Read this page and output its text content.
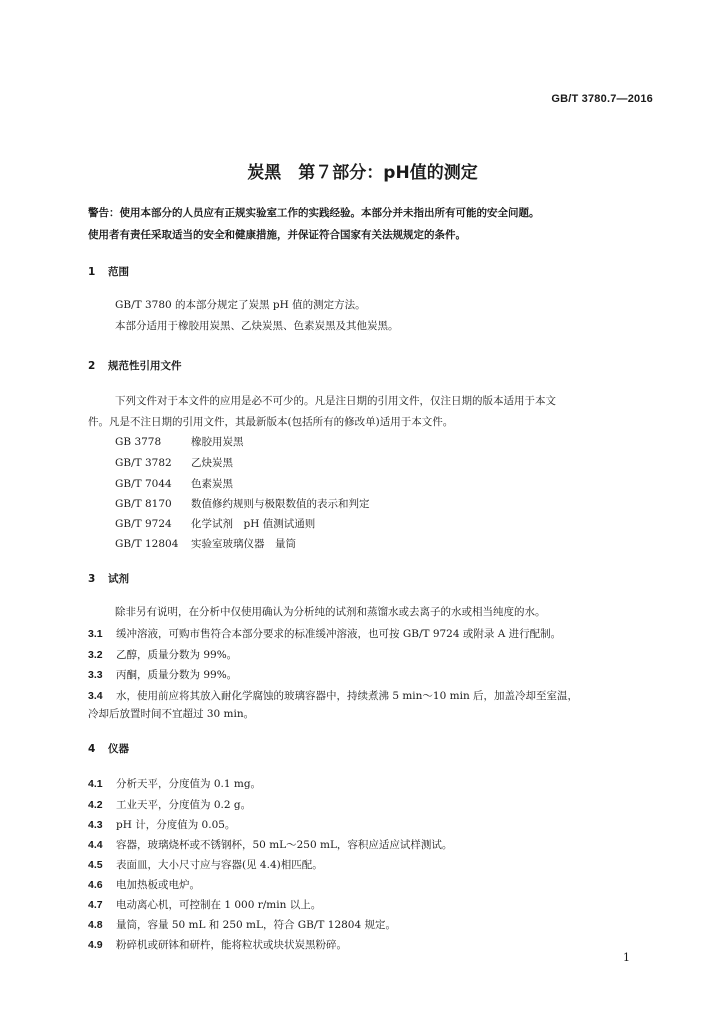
GB/T 3780.7—2016
炭黑　第７部分：pH值的测定
警告：使用本部分的人员应有正规实验室工作的实践经验。本部分并未指出所有可能的安全问题。
使用者有责任采取适当的安全和健康措施，并保证符合国家有关法规规定的条件。
1 范围
GB/T 3780 的本部分规定了炭黑 pH 值的测定方法。
本部分适用于橡胶用炭黑、乙炔炭黑、色素炭黑及其他炭黑。
2 规范性引用文件
下列文件对于本文件的应用是必不可少的。凡是注日期的引用文件，仅注日期的版本适用于本文
件。凡是不注日期的引用文件，其最新版本(包括所有的修改单)适用于本文件。
GB 3778	橡胶用炭黑
GB/T 3782 乙炔炭黑
GB/T 7044 色素炭黑
GB/T 8170 数值修约规则与极限数值的表示和判定
GB/T 9724 化学试剂　pH 值测试通则
GB/T 12804 实验室玻璃仪器　量筒
3 试剂
除非另有说明，在分析中仅使用确认为分析纯的试剂和蒸馏水或去离子的水或相当纯度的水。
3.1 缓冲溶液，可购市售符合本部分要求的标准缓冲溶液，也可按 GB/T 9724 或附录 A 进行配制。
3.2 乙醇，质量分数为 99%。
3.3 丙酮，质量分数为 99%。
3.4 水，使用前应将其放入耐化学腐蚀的玻璃容器中，持续煮沸 5 min～10 min 后，加盖冷却至室温，
冷却后放置时间不宜超过 30 min。
4 仪器
4.1 分析天平，分度值为 0.1 mg。
4.2 工业天平，分度值为 0.2 g。
4.3 pH 计，分度值为 0.05。
4.4 容器，玻璃烧杯或不锈钢杯，50 mL～250 mL，容积应适应试样测试。
4.5 表面皿，大小尺寸应与容器(见 4.4)相匹配。
4.6 电加热板或电炉。
4.7 电动离心机，可控制在 1 000 r/min 以上。
4.8 量筒，容量 50 mL 和 250 mL，符合 GB/T 12804 规定。
4.9 粉碎机或研钵和研杵，能将粒状或块状炭黑粉碎。
1
